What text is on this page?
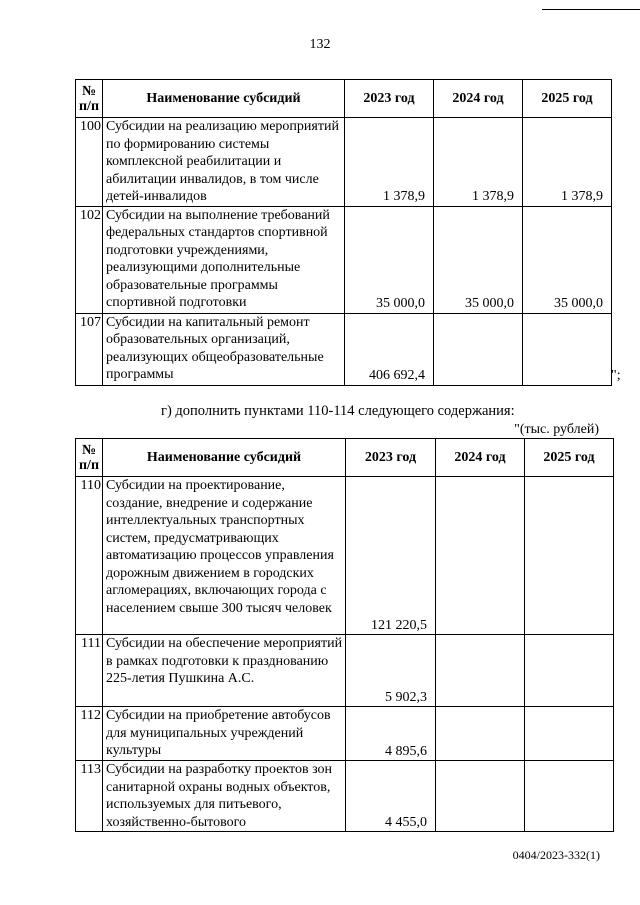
132
№ п/п	Наименование субсидий	2023 год	2024 год	2025 год
100	Субсидии на реализацию мероприятий по формированию системы комплексной реабилитации и абилитации инвалидов, в том числе детей-инвалидов	1 378,9	1 378,9	1 378,9
102	Субсидии на выполнение требований федеральных стандартов спортивной подготовки учреждениями, реализующими дополнительные образовательные программы спортивной подготовки	35 000,0	35 000,0	35 000,0
107	Субсидии на капитальный ремонт образовательных организаций, реализующих общеобразовательные программы	406 692,4			";
г) дополнить пунктами 110-114 следующего содержания:
"(тыс. рублей)
№ п/п	Наименование субсидий	2023 год	2024 год	2025 год
110	Субсидии на проектирование, создание, внедрение и содержание интеллектуальных транспортных систем, предусматривающих автоматизацию процессов управления дорожным движением в городских агломерациях, включающих города с населением свыше 300 тысяч человек	121 220,5		
111	Субсидии на обеспечение мероприятий в рамках подготовки к празднованию 225-летия Пушкина А.С.	5 902,3		
112	Субсидии на приобретение автобусов для муниципальных учреждений культуры	4 895,6		
113	Субсидии на разработку проектов зон санитарной охраны водных объектов, используемых для питьевого, хозяйственно-бытового	4 455,0		
0404/2023-332(1)
